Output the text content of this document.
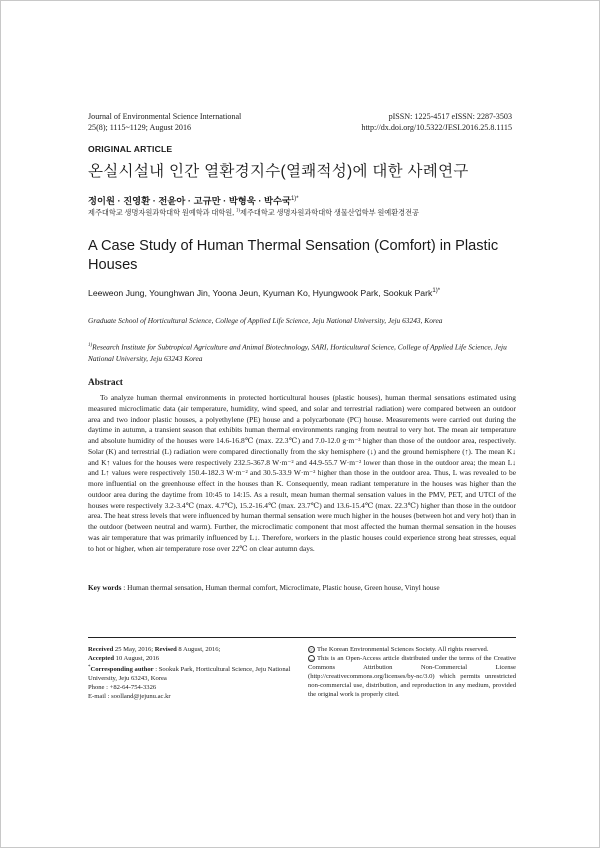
Journal of Environmental Science International
25(8); 1115~1129; August 2016
pISSN: 1225-4517 eISSN: 2287-3503
http://dx.doi.org/10.5322/JESI.2016.25.8.1115
ORIGINAL ARTICLE
온실시설내 인간 열환경지수(열쾌적성)에 대한 사례연구
정이원 · 진영환 · 전윤아 · 고규만 · 박형욱 · 박수국$^{1)*}$
제주대학교 생명자원과학대학 원예학과 대학원, $^{1)}$제주대학교 생명자원과학대학 생물산업학부 원예환경전공
A Case Study of Human Thermal Sensation (Comfort) in Plastic Houses
Leeweon Jung, Younghwan Jin, Yoona Jeun, Kyuman Ko, Hyungwook Park, Sookuk Park$^{1)*}$
Graduate School of Horticultural Science, College of Applied Life Science, Jeju National University, Jeju 63243, Korea
$^{1)}$Research Institute for Subtropical Agriculture and Animal Biotechnology, SARI, Horticultural Science, College of Applied Life Science, Jeju National University, Jeju 63243 Korea
Abstract

To analyze human thermal environments in protected horticultural houses (plastic houses), human thermal sensations estimated using measured microclimatic data (air temperature, humidity, wind speed, and solar and terrestrial radiation) were compared between an outdoor area and two indoor plastic houses, a polyethylene (PE) house and a polycarbonate (PC) house. Measurements were carried out during the daytime in autumn, a transient season that exhibits human thermal environments ranging from neutral to very hot. The mean air temperature and absolute humidity of the houses were 14.6-16.8℃ (max. 22.3℃) and 7.0-12.0 g·m⁻³ higher than those of the outdoor area, respectively. Solar (K) and terrestrial (L) radiation were compared directionally from the sky hemisphere (↓) and the ground hemisphere (↑). The mean K↓ and K↑ values for the houses were respectively 232.5-367.8 W·m⁻² and 44.9-55.7 W·m⁻² lower than those in the outdoor area; the mean L↓ and L↑ values were respectively 150.4-182.3 W·m⁻² and 30.5-33.9 W·m⁻² higher than those in the outdoor area. Thus, L was revealed to be more influential on the greenhouse effect in the houses than K. Consequently, mean radiant temperature in the houses was higher than the outdoor area during the daytime from 10:45 to 14:15. As a result, mean human thermal sensation values in the PMV, PET, and UTCI of the houses were respectively 3.2-3.4℃ (max. 4.7℃), 15.2-16.4℃ (max. 23.7℃) and 13.6-15.4℃ (max. 22.3℃) higher than those in the outdoor area. The heat stress levels that were influenced by human thermal sensation were much higher in the houses (between hot and very hot) than in the outdoor (between neutral and warm). Further, the microclimatic component that most affected the human thermal sensation in the houses was air temperature that was primarily influenced by L↓. Therefore, workers in the plastic houses could experience strong heat stresses, equal to hot or higher, when air temperature rose over 22℃ on clear autumn days.

Key words : Human thermal sensation, Human thermal comfort, Microclimate, Plastic house, Green house, Vinyl house
Received 25 May, 2016; Revised 8 August, 2016;
Accepted 10 August, 2016
*Corresponding author : Sookuk Park, Horticultural Science, Jeju National University, Jeju 63243, Korea
Phone : +82-64-754-3326
E-mail : soolland@jejunu.ac.kr
ⓒ The Korean Environmental Sciences Society. All rights reserved.
cc This is an Open-Access article distributed under the terms of the Creative Commons Attribution Non-Commercial License (http://creativecommons.org/licenses/by-nc/3.0) which permits unrestricted non-commercial use, distribution, and reproduction in any medium, provided the original work is properly cited.
